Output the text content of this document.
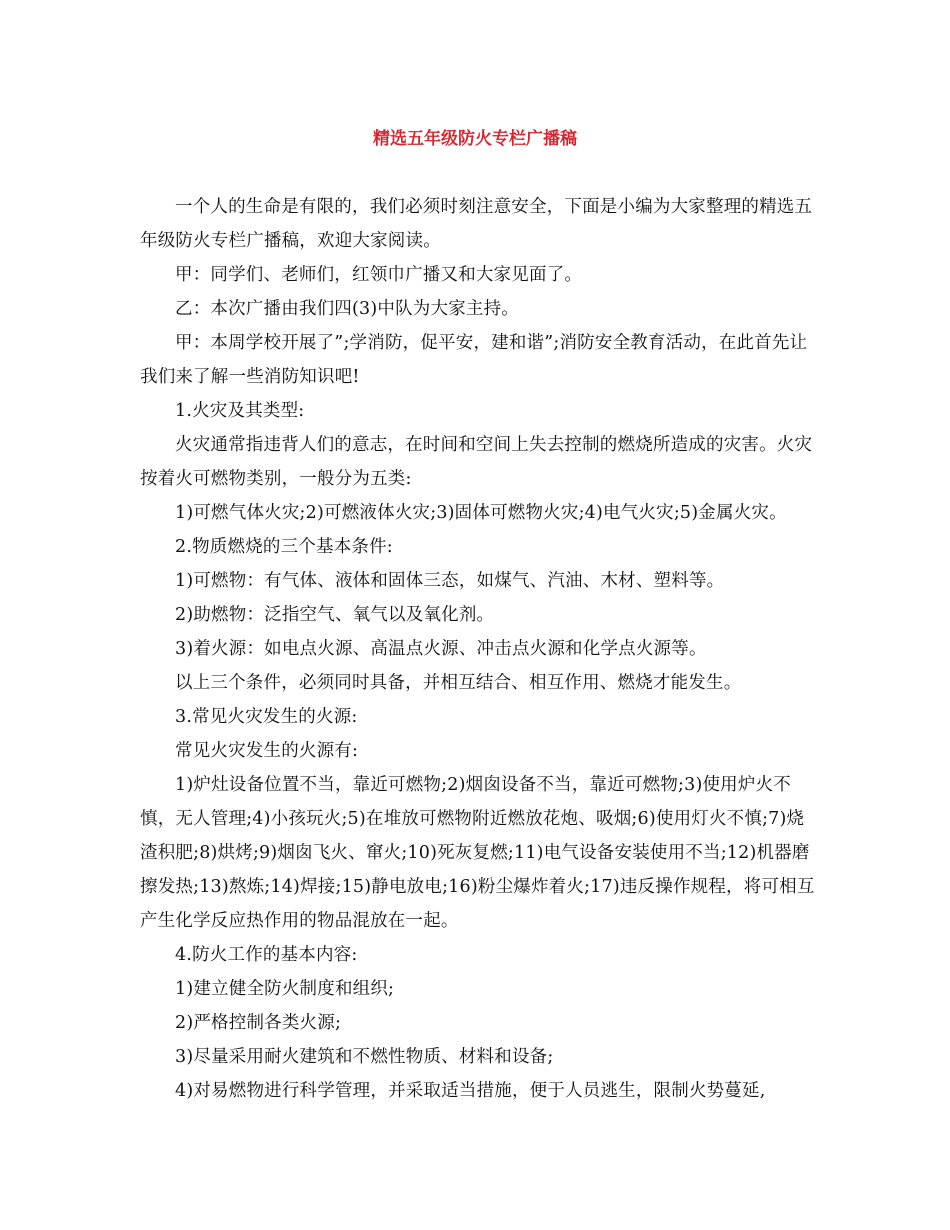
精选五年级防火专栏广播稿

一个人的生命是有限的，我们必须时刻注意安全，下面是小编为大家整理的精选五年级防火专栏广播稿，欢迎大家阅读。

甲：同学们、老师们，红领巾广播又和大家见面了。

乙：本次广播由我们四(3)中队为大家主持。

甲：本周学校开展了”;学消防，促平安，建和谐”;消防安全教育活动，在此首先让我们来了解一些消防知识吧!

1.火灾及其类型:

火灾通常指违背人们的意志，在时间和空间上失去控制的燃烧所造成的灾害。火灾按着火可燃物类别，一般分为五类:

1)可燃气体火灾;2)可燃液体火灾;3)固体可燃物火灾;4)电气火灾;5)金属火灾。

2.物质燃烧的三个基本条件:

1)可燃物：有气体、液体和固体三态，如煤气、汽油、木材、塑料等。

2)助燃物：泛指空气、氧气以及氧化剂。

3)着火源：如电点火源、高温点火源、冲击点火源和化学点火源等。

以上三个条件，必须同时具备，并相互结合、相互作用、燃烧才能发生。

3.常见火灾发生的火源:

常见火灾发生的火源有:

1)炉灶设备位置不当，靠近可燃物;2)烟囱设备不当，靠近可燃物;3)使用炉火不慎，无人管理;4)小孩玩火;5)在堆放可燃物附近燃放花炮、吸烟;6)使用灯火不慎;7)烧渣积肥;8)烘烤;9)烟囱飞火、窜火;10)死灰复燃;11)电气设备安装使用不当;12)机器磨擦发热;13)熬炼;14)焊接;15)静电放电;16)粉尘爆炸着火;17)违反操作规程，将可相互产生化学反应热作用的物品混放在一起。

4.防火工作的基本内容:

1)建立健全防火制度和组织;

2)严格控制各类火源;

3)尽量采用耐火建筑和不燃性物质、材料和设备;

4)对易燃物进行科学管理，并采取适当措施，便于人员逃生，限制火势蔓延,
